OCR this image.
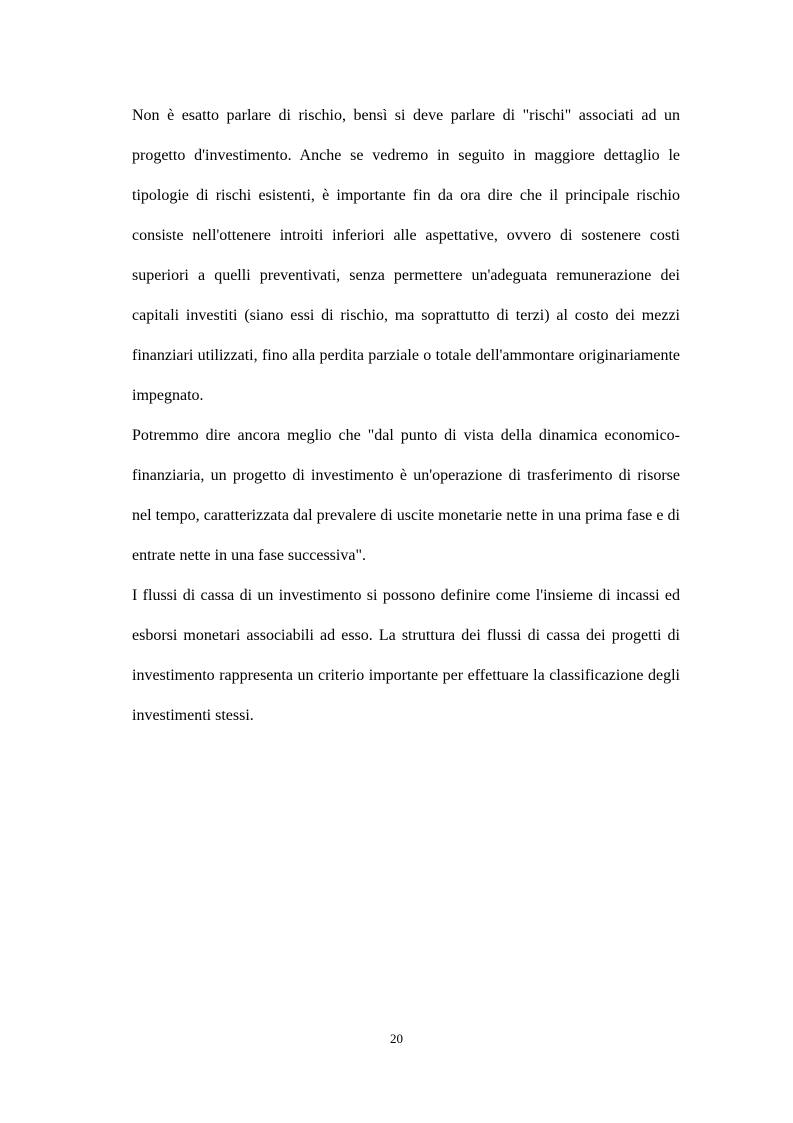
Non è esatto parlare di rischio, bensì si deve parlare di "rischi" associati ad un progetto d'investimento. Anche se vedremo in seguito in maggiore dettaglio le tipologie di rischi esistenti, è importante fin da ora dire che il principale rischio consiste nell'ottenere introiti inferiori alle aspettative, ovvero di sostenere costi superiori a quelli preventivati, senza permettere un'adeguata remunerazione dei capitali investiti (siano essi di rischio, ma soprattutto di terzi) al costo dei mezzi finanziari utilizzati, fino alla perdita parziale o totale dell'ammontare originariamente impegnato.

Potremmo dire ancora meglio che "dal punto di vista della dinamica economico-finanziaria, un progetto di investimento è un'operazione di trasferimento di risorse nel tempo, caratterizzata dal prevalere di uscite monetarie nette in una prima fase e di entrate nette in una fase successiva".

I flussi di cassa di un investimento si possono definire come l'insieme di incassi ed esborsi monetari associabili ad esso. La struttura dei flussi di cassa dei progetti di investimento rappresenta un criterio importante per effettuare la classificazione degli investimenti stessi.

20
